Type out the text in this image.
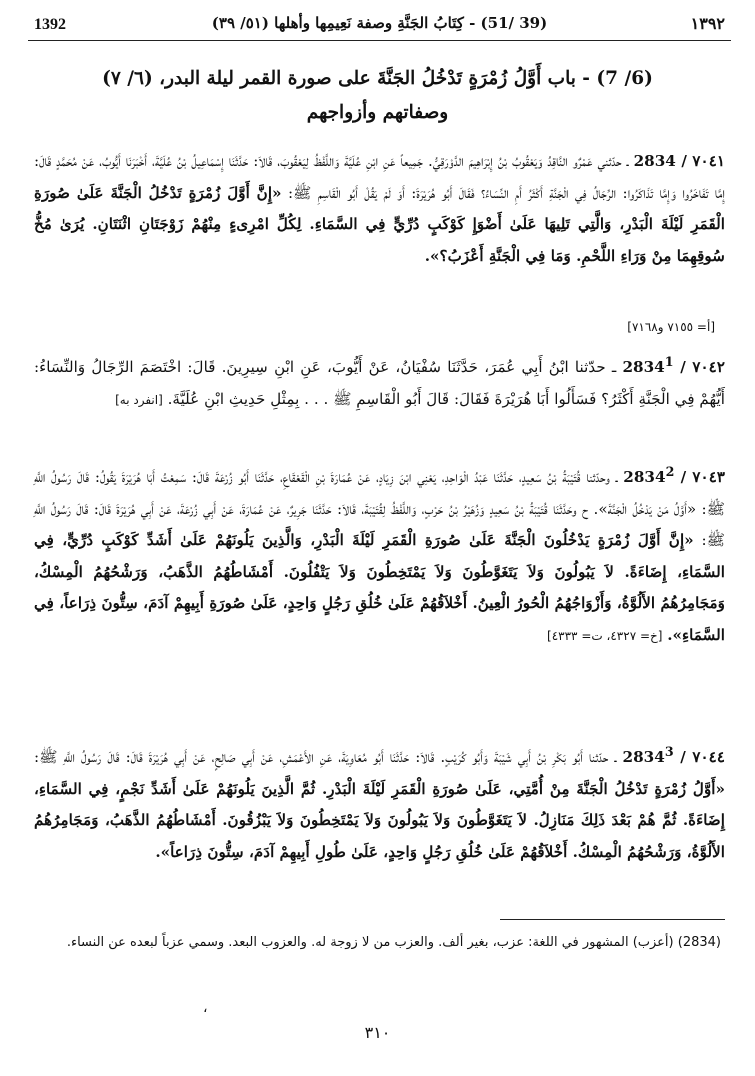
1392	(39 /51) - كِتَابُ الجَنَّةِ وصفة نَعِيمِها وأهلها (٥١/ ٣٩)	١٣٩٢
(6/ 7) - باب أَوَّلُ زُمْرَةٍ تَدْخُلُ الجَنَّةَ على صورة القمر ليلة البدر، (٦/ ٧)
وصفاتهم وأزواجهم
٧٠٤١ / 2834 ـ حدّثني عَمْرٌو النَّاقِدُ وَيَعْقُوبُ بْنُ إِبْرَاهِيمَ الدَّوْرَقِيُّ. جَمِيعاً عَنِ ابْنِ عُلَيَّةَ وَاللَّفْظُ لِيَعْقُوبَ، قَالاَ: حَدَّثَنَا إِسْمَاعِيلُ بْنُ عُلَيَّةَ، أَخْبَرَنَا أَيُّوبُ، عَنْ مُحَمَّدٍ قَالَ: إِمَّا تَفَاخَرُوا وَإِمَّا تَذَاكَرُوا: الرِّجَالُ فِي الْجَنَّةِ أَكْثَرُ أَمِ النِّسَاءُ؟ فَقَالَ أَبُو هُرَيْرَةَ: أَوَ لَمْ يَقُلْ أَبُو الْقَاسِمِ ﷺ: «إِنَّ أَوَّلَ زُمْرَةٍ تَدْخُلُ الْجَنَّةَ عَلَىٰ صُورَةِ الْقَمَرِ لَيْلَةَ الْبَدْرِ، وَالَّتِي تَلِيهَا عَلَىٰ أَضْوَإِ كَوْكَبٍ دُرِّيٍّ فِي السَّمَاءِ. لِكُلِّ امْرِىءٍ مِنْهُمْ زَوْجَتَانِ اثْنَتَانِ. يُرَىٰ مُخُّ سُوقِهِمَا مِنْ وَرَاءِ اللَّحْمِ. وَمَا فِي الْجَنَّةِ أَعْزَبُ؟».
[أ= ٧١٥٥ و٧١٦٨]
٧٠٤٢ / 2834$^1$ ـ حدّثنا ابْنُ أَبِي عُمَرَ، حَدَّثَنَا سُفْيَانُ، عَنْ أَيُّوبَ، عَنِ ابْنِ سِيرِينَ. قَالَ: اخْتَصَمَ الرِّجَالُ وَالنِّسَاءُ: أَيُّهُمْ فِي الْجَنَّةِ أَكْثَرُ؟ فَسَأَلُوا أَبَا هُرَيْرَةَ فَقَالَ: قَالَ أَبُو الْقَاسِمِ ﷺ . . . بِمِثْلِ حَدِيثِ ابْنِ عُلَيَّةَ. [انفرد به]
٧٠٤٣ / 2834$^2$ ـ وحدّثنا قُتَيْبَةُ بْنُ سَعِيدٍ، حَدَّثَنَا عَبْدُ الْوَاحِدِ، يَعْنِي ابْنَ زِيَادٍ، عَنْ عُمَارَةَ بْنِ الْقَعْقَاعِ، حَدَّثَنَا أَبُو زُرْعَةَ قَالَ: سَمِعْتُ أَبَا هُرَيْرَةَ يَقُولُ: قَالَ رَسُولُ اللَّهِ ﷺ: «أَوَّلُ مَنْ يَدْخُلُ الْجَنَّةَ». ح وحَدَّثَنَا قُتَيْبَةُ بْنُ سَعِيدٍ وَزُهَيْرُ بْنُ حَرْبٍ، وَاللَّفْظُ لِقُتَيْبَةَ، قَالاَ: حَدَّثَنَا جَرِيرٌ، عَنْ عُمَارَةَ، عَنْ أَبِي زُرْعَةَ، عَنْ أَبِي هُرَيْرَةَ قَالَ: قَالَ رَسُولُ اللَّهِ ﷺ: «إِنَّ أَوَّلَ زُمْرَةٍ يَدْخُلُونَ الْجَنَّةَ عَلَىٰ صُورَةِ الْقَمَرِ لَيْلَةَ الْبَدْرِ، وَالَّذِينَ يَلُونَهُمْ عَلَىٰ أَشَدِّ كَوْكَبٍ دُرِّيٍّ، فِي السَّمَاءِ، إِضَاءَةً. لاَ يَبُولُونَ وَلاَ يَتَغَوَّطُونَ وَلاَ يَمْتَخِطُونَ وَلاَ يَتْفُلُونَ. أَمْشَاطُهُمُ الذَّهَبُ، وَرَشْحُهُمُ الْمِسْكُ، وَمَجَامِرُهُمُ الأَلُوَّةُ، وَأَزْوَاجُهُمُ الْحُورُ الْعِينُ. أَخْلاَقُهُمْ عَلَىٰ خُلُقِ رَجُلٍ وَاحِدٍ، عَلَىٰ صُورَةِ أَبِيهِمْ آدَمَ، سِتُّونَ ذِرَاعاً، فِي السَّمَاءِ». [خ= ٤٣٢٧، ت= ٤٣٣٣]
٧٠٤٤ / 2834$^3$ ـ حدّثنا أَبُو بَكْرِ بْنُ أَبِي شَيْبَةَ وَأَبُو كُرَيْبٍ. قَالاَ: حَدَّثَنَا أَبُو مُعَاوِيَةَ، عَنِ الأَعْمَشِ، عَنْ أَبِي صَالِحٍ، عَنْ أَبِي هُرَيْرَةَ قَالَ: قَالَ رَسُولُ اللَّهِ ﷺ: «أَوَّلُ زُمْرَةٍ تَدْخُلُ الْجَنَّةَ مِنْ أُمَّتِي، عَلَىٰ صُورَةِ الْقَمَرِ لَيْلَةَ الْبَدْرِ. ثُمَّ الَّذِينَ يَلُونَهُمْ عَلَىٰ أَشَدِّ نَجْمٍ، فِي السَّمَاءِ، إِضَاءَةً. ثُمَّ هُمْ بَعْدَ ذَلِكَ مَنَازِلُ. لاَ يَتَغَوَّطُونَ وَلاَ يَبُولُونَ وَلاَ يَمْتَخِطُونَ وَلاَ يَبْزُقُونَ. أَمْشَاطُهُمُ الذَّهَبُ، وَمَجَامِرُهُمُ الأَلُوَّةُ، وَرَشْحُهُمُ الْمِسْكُ. أَخْلاَقُهُمْ عَلَىٰ خُلُقِ رَجُلٍ وَاحِدٍ، عَلَىٰ طُولِ أَبِيهِمْ آدَمَ، سِتُّونَ ذِرَاعاً».
(2834) (أعزب) المشهور في اللغة: عزب، بغير ألف. والعزب من لا زوجة له. والعزوب البعد. وسمي عزباً لبعده عن النساء.
،
٣١٠
